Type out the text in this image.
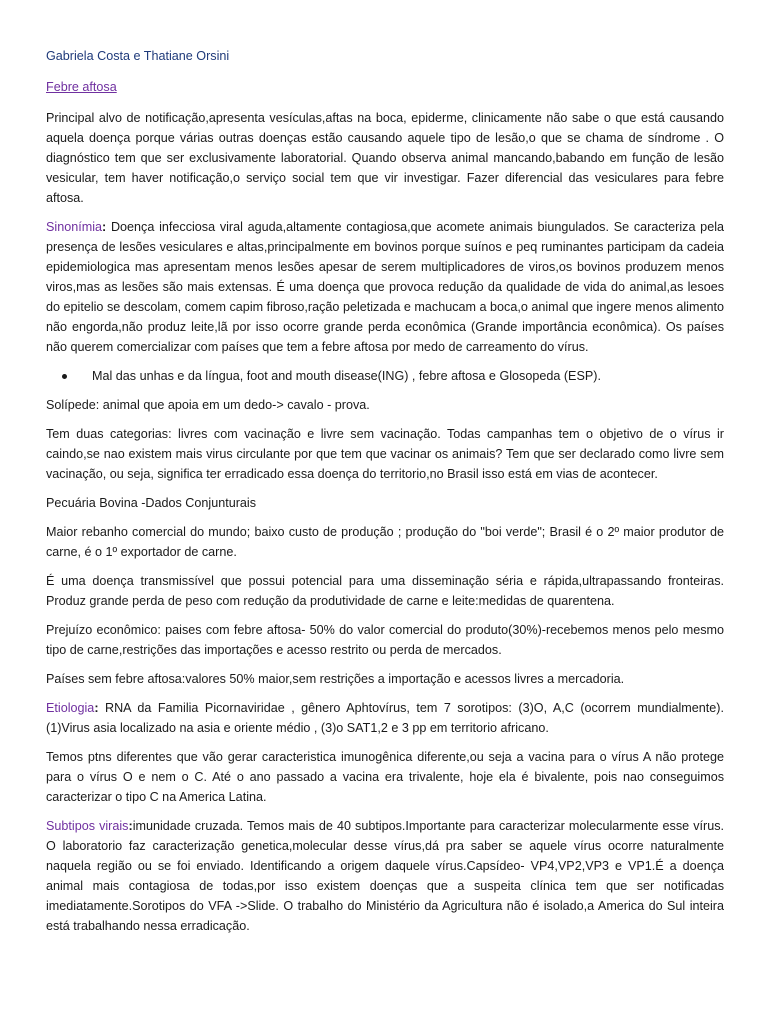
Gabriela Costa e Thatiane Orsini
Febre aftosa

Principal alvo de notificação,apresenta vesículas,aftas na boca, epiderme, clinicamente não sabe o que está causando aquela doença porque várias outras doenças estão causando aquele tipo de lesão,o que se chama de síndrome . O diagnóstico tem que ser exclusivamente laboratorial. Quando observa animal mancando,babando em função de lesão vesicular, tem haver notificação,o serviço social tem que vir investigar. Fazer diferencial das vesiculares para febre aftosa.

Sinonímia: Doença infecciosa viral aguda,altamente contagiosa,que acomete animais biungulados. Se caracteriza pela presença de lesões vesiculares e altas,principalmente em bovinos porque suínos e peq ruminantes participam da cadeia epidemiologica mas apresentam menos lesões apesar de serem multiplicadores de viros,os bovinos produzem menos viros,mas as lesões são mais extensas. É uma doença que provoca redução da qualidade de vida do animal,as lesoes do epitelio se descolam, comem capim fibroso,ração peletizada e machucam a boca,o animal que ingere menos alimento não engorda,não produz leite,lã por isso ocorre grande perda econômica (Grande importância econômica). Os países não querem comercializar com países que tem a febre aftosa por medo de carreamento do vírus.

Mal das unhas e da língua, foot and mouth disease(ING) , febre aftosa e Glosopeda (ESP).

Solípede: animal que apoia em um dedo-> cavalo - prova.

Tem duas categorias: livres com vacinação e livre sem vacinação. Todas campanhas tem o objetivo de o vírus ir caindo,se nao existem mais virus circulante por que tem que vacinar os animais? Tem que ser declarado como livre sem vacinação, ou seja, significa ter erradicado essa doença do territorio,no Brasil isso está em vias de acontecer.

Pecuária Bovina -Dados Conjunturais

Maior rebanho comercial do mundo; baixo custo de produção ; produção do "boi verde"; Brasil é o 2º maior produtor de carne, é o 1º exportador de carne.

É uma doença transmissível que possui potencial para uma disseminação séria e rápida,ultrapassando fronteiras. Produz grande perda de peso com redução da produtividade de carne e leite:medidas de quarentena.

Prejuízo econômico: paises com febre aftosa- 50% do valor comercial do produto(30%)-recebemos menos pelo mesmo tipo de carne,restrições das importações e acesso restrito ou perda de mercados.

Países sem febre aftosa:valores 50% maior,sem restrições a importação e acessos livres a mercadoria.

Etiologia: RNA da Familia Picornaviridae , gênero Aphtovírus, tem 7 sorotipos: (3)O, A,C (ocorrem mundialmente). (1)Virus asia localizado na asia e oriente médio , (3)o SAT1,2 e 3 pp em territorio africano.

Temos ptns diferentes que vão gerar caracteristica imunogênica diferente,ou seja a vacina para o vírus A não protege para o vírus O e nem o C. Até o ano passado a vacina era trivalente, hoje ela é bivalente, pois nao conseguimos caracterizar o tipo C na America Latina.

Subtipos virais:imunidade cruzada. Temos mais de 40 subtipos.Importante para caracterizar molecularmente esse vírus. O laboratorio faz caracterização genetica,molecular desse vírus,dá pra saber se aquele vírus ocorre naturalmente naquela região ou se foi enviado. Identificando a origem daquele vírus.Capsídeo- VP4,VP2,VP3 e VP1.É a doença animal mais contagiosa de todas,por isso existem doenças que a suspeita clínica tem que ser notificadas imediatamente.Sorotipos do VFA ->Slide. O trabalho do Ministério da Agricultura não é isolado,a America do Sul inteira está trabalhando nessa erradicação.
